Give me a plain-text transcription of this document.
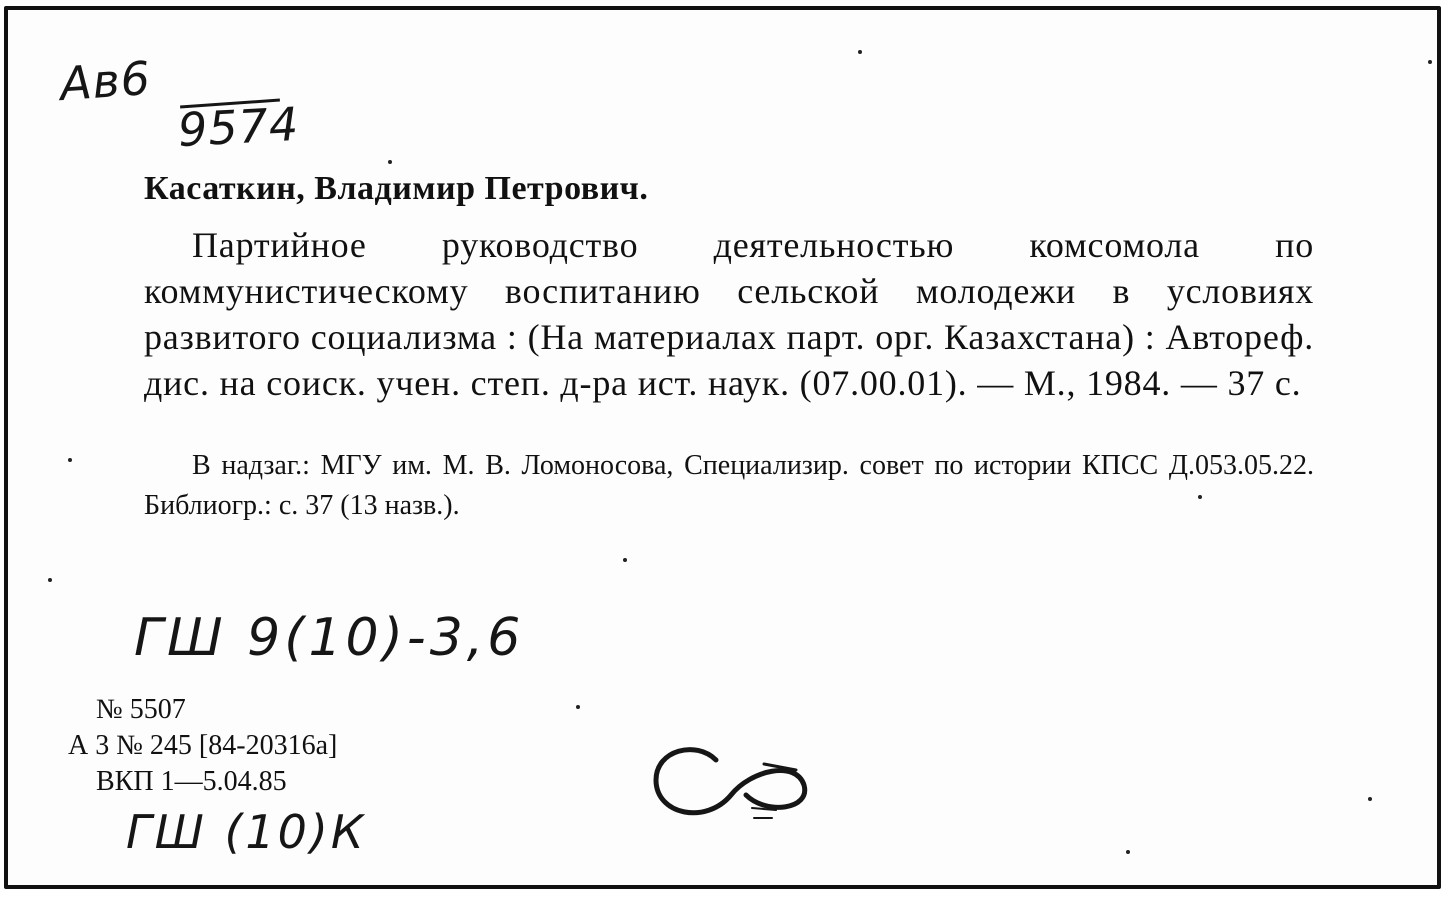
Ав6
9574
Касаткин, Владимир Петрович.
Партийное руководство деятельностью комсомола по коммунистическому воспитанию сельской молодежи в условиях развитого социализма : (На материалах парт. орг. Казахстана) : Автореф. дис. на соиск. учен. степ. д-ра ист. наук. (07.00.01). — М., 1984. — 37 с.
В надзаг.: МГУ им. М. В. Ломоносова, Специализир. совет по истории КПСС Д.053.05.22. Библиогр.: с. 37 (13 назв.).
ГШ 9(10)-3,6
№ 5507
А 3 № 245 [84-20316а]
ВКП 1—5.04.85
ГШ (10)К
